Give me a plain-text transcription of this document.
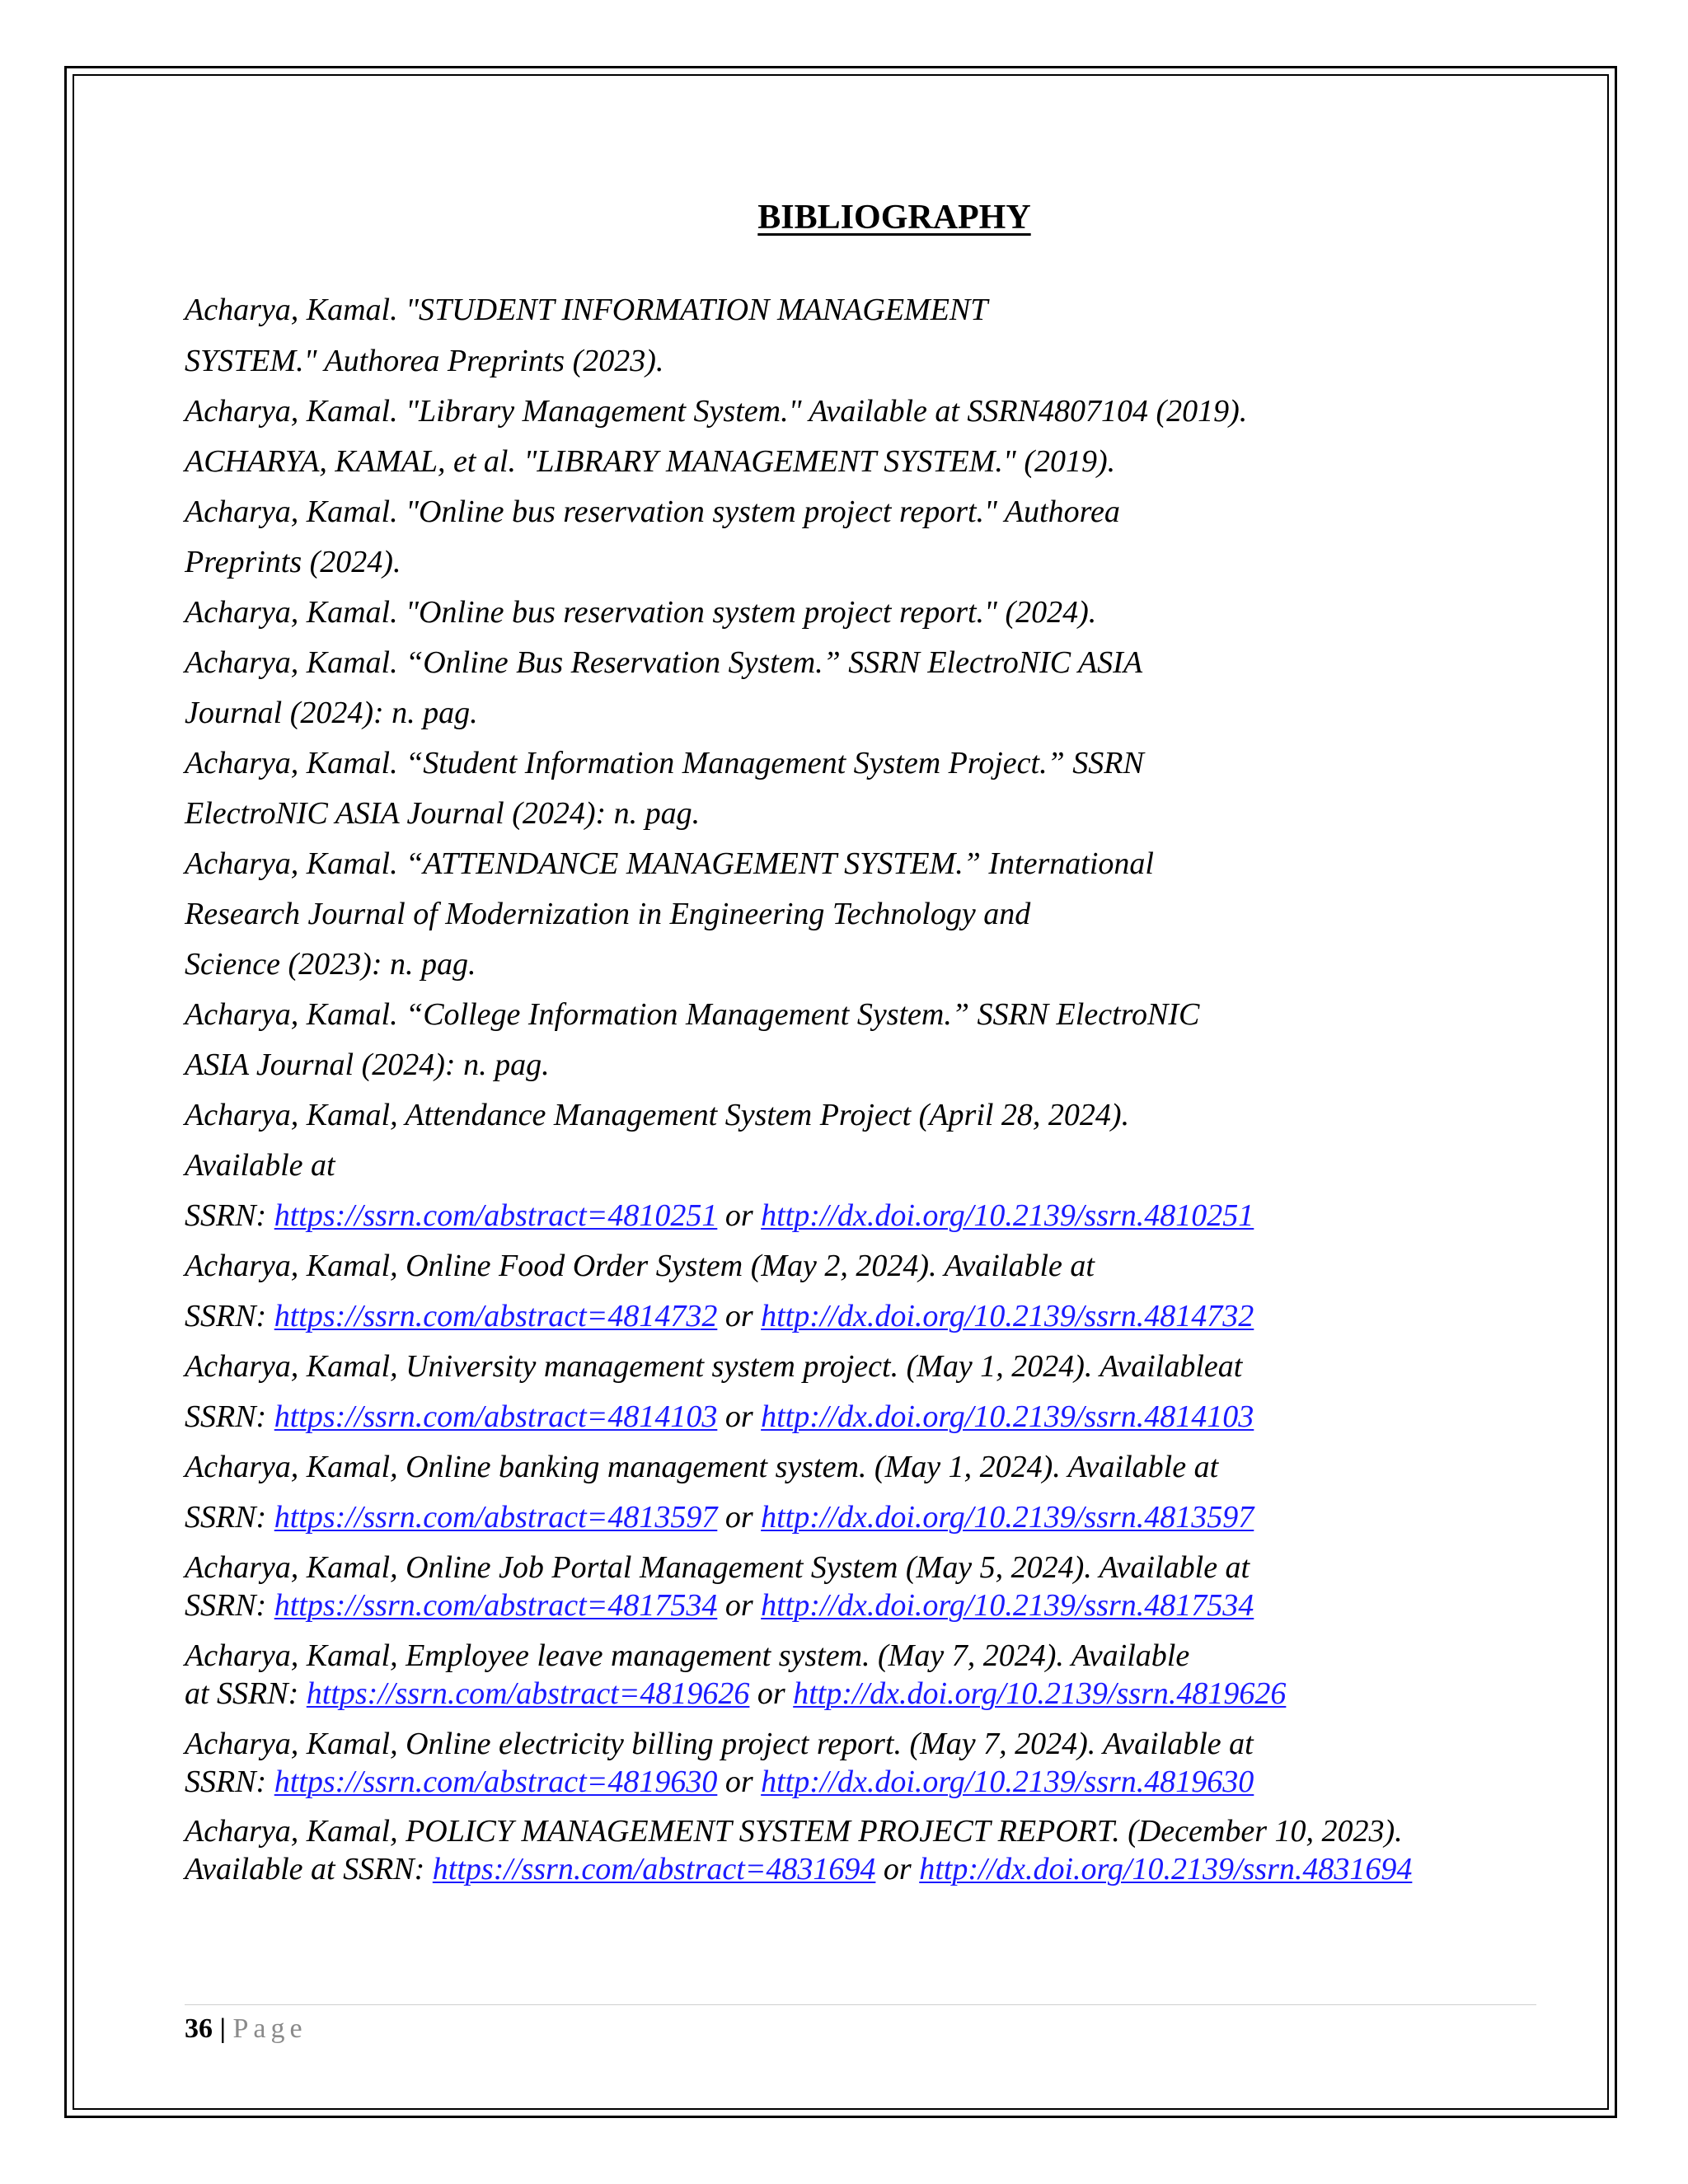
BIBLIOGRAPHY
Acharya, Kamal. "STUDENT INFORMATION MANAGEMENT
SYSTEM." Authorea Preprints (2023).
Acharya, Kamal. "Library Management System." Available at SSRN4807104 (2019).
ACHARYA, KAMAL, et al. "LIBRARY MANAGEMENT SYSTEM." (2019).
Acharya, Kamal. "Online bus reservation system project report." Authorea
Preprints (2024).
Acharya, Kamal. "Online bus reservation system project report." (2024).
Acharya, Kamal. “Online Bus Reservation System.” SSRN ElectroNIC ASIA
Journal (2024): n. pag.
Acharya, Kamal. “Student Information Management System Project.” SSRN
ElectroNIC ASIA Journal (2024): n. pag.
Acharya, Kamal. “ATTENDANCE MANAGEMENT SYSTEM.” International
Research Journal of Modernization in Engineering Technology and
Science (2023): n. pag.
Acharya, Kamal. “College Information Management System.” SSRN ElectroNIC
ASIA Journal (2024): n. pag.
Acharya, Kamal, Attendance Management System Project (April 28, 2024).
Available at
SSRN: https://ssrn.com/abstract=4810251 or http://dx.doi.org/10.2139/ssrn.4810251
Acharya, Kamal, Online Food Order System (May 2, 2024). Available at
SSRN: https://ssrn.com/abstract=4814732 or http://dx.doi.org/10.2139/ssrn.4814732
Acharya, Kamal, University management system project. (May 1, 2024). Availableat
SSRN: https://ssrn.com/abstract=4814103 or http://dx.doi.org/10.2139/ssrn.4814103
Acharya, Kamal, Online banking management system. (May 1, 2024). Available at
SSRN: https://ssrn.com/abstract=4813597 or http://dx.doi.org/10.2139/ssrn.4813597
Acharya, Kamal, Online Job Portal Management System (May 5, 2024). Available at
SSRN: https://ssrn.com/abstract=4817534 or http://dx.doi.org/10.2139/ssrn.4817534
Acharya, Kamal, Employee leave management system. (May 7, 2024). Available
at SSRN: https://ssrn.com/abstract=4819626 or http://dx.doi.org/10.2139/ssrn.4819626
Acharya, Kamal, Online electricity billing project report. (May 7, 2024). Available at
SSRN: https://ssrn.com/abstract=4819630 or http://dx.doi.org/10.2139/ssrn.4819630
Acharya, Kamal, POLICY MANAGEMENT SYSTEM PROJECT REPORT. (December 10, 2023).
Available at SSRN: https://ssrn.com/abstract=4831694 or http://dx.doi.org/10.2139/ssrn.4831694
36 | Page
